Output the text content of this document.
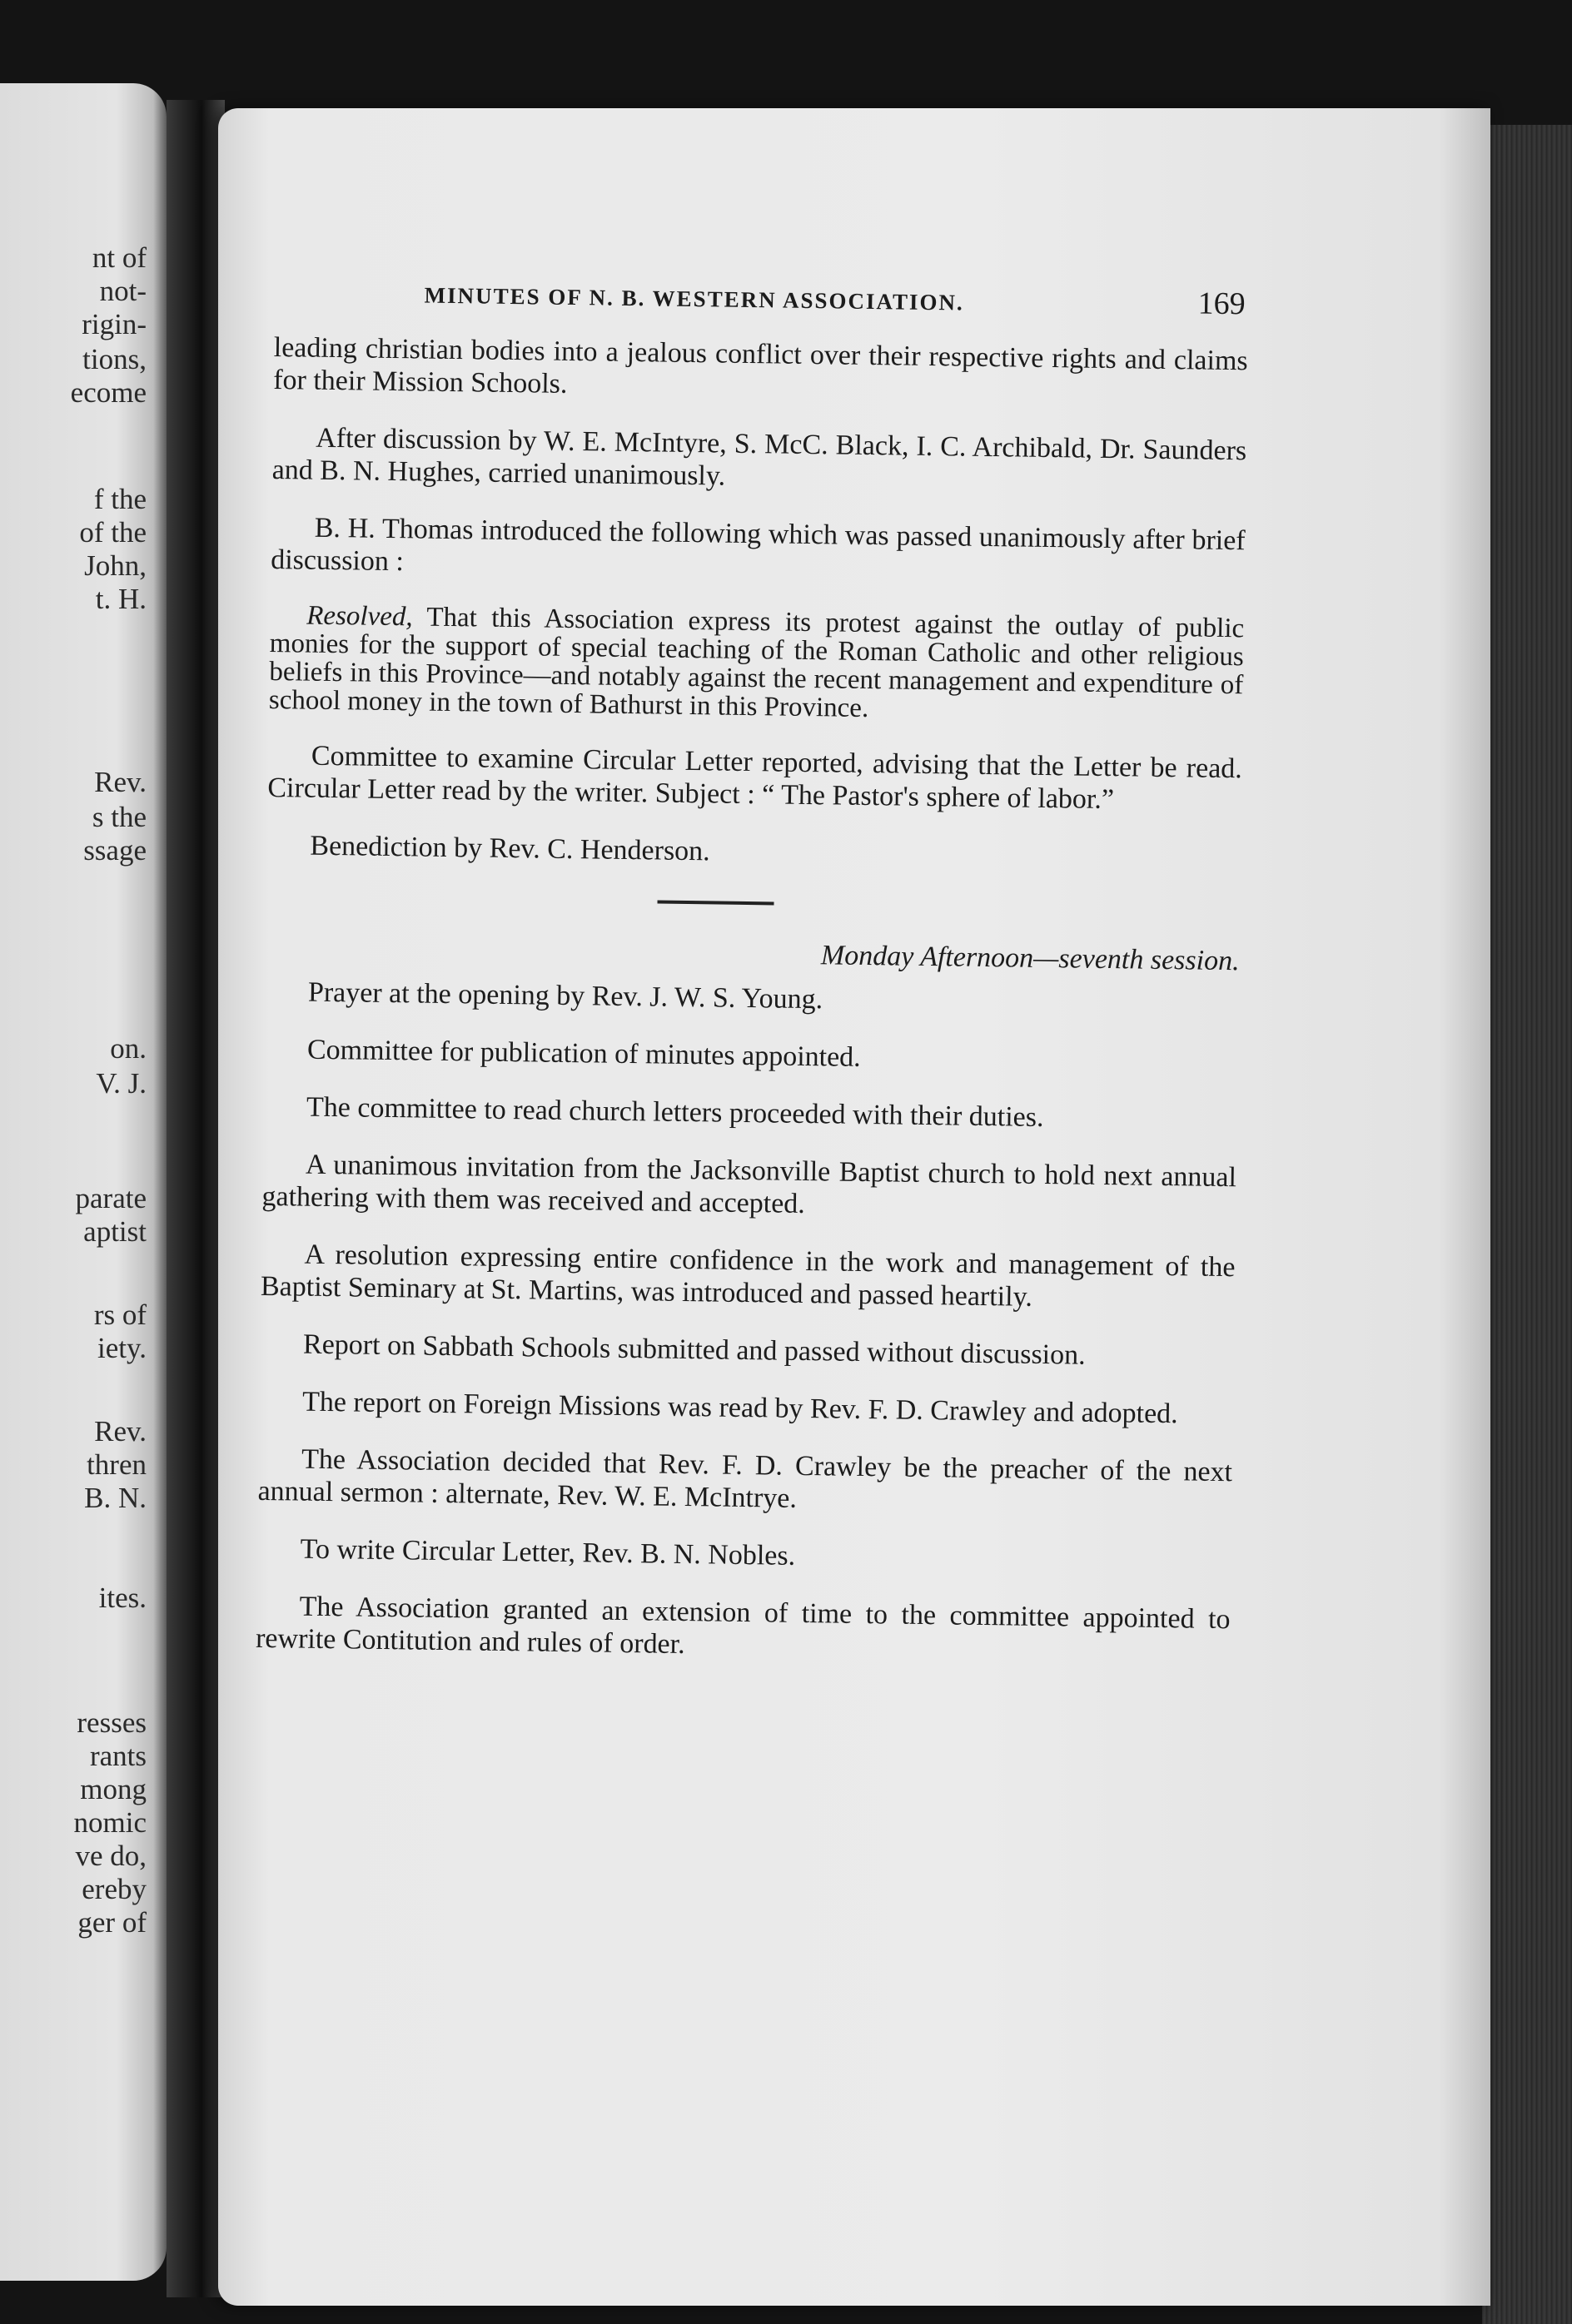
nt of
not-
rigin-
tions,
ecome
f the
of the
John,
t. H.
Rev.
s the
ssage
on.
V. J.
parate
aptist
rs of
iety.
Rev.
thren
B. N.
ites.
resses
rants
mong
nomic
ve do,
ereby
ger of
MINUTES OF N. B. WESTERN ASSOCIATION.	169

leading christian bodies into a jealous conflict over their respective rights and claims for their Mission Schools.

After discussion by W. E. McIntyre, S. McC. Black, I. C. Archibald, Dr. Saunders and B. N. Hughes, carried unanimously.

B. H. Thomas introduced the following which was passed unanimously after brief discussion :

Resolved, That this Association express its protest against the outlay of public monies for the support of special teaching of the Roman Catholic and other religious beliefs in this Province—and notably against the recent management and expenditure of school money in the town of Bathurst in this Province.

Committee to examine Circular Letter reported, advising that the Letter be read. Circular Letter read by the writer. Subject : “ The Pastor's sphere of labor.”

Benediction by Rev. C. Henderson.

Monday Afternoon—seventh session.

Prayer at the opening by Rev. J. W. S. Young.

Committee for publication of minutes appointed.

The committee to read church letters proceeded with their duties.

A unanimous invitation from the Jacksonville Baptist church to hold next annual gathering with them was received and accepted.

A resolution expressing entire confidence in the work and management of the Baptist Seminary at St. Martins, was introduced and passed heartily.

Report on Sabbath Schools submitted and passed without discussion.

The report on Foreign Missions was read by Rev. F. D. Crawley and adopted.

The Association decided that Rev. F. D. Crawley be the preacher of the next annual sermon : alternate, Rev. W. E. McIntrye.

To write Circular Letter, Rev. B. N. Nobles.

The Association granted an extension of time to the committee appointed to rewrite Contitution and rules of order.
